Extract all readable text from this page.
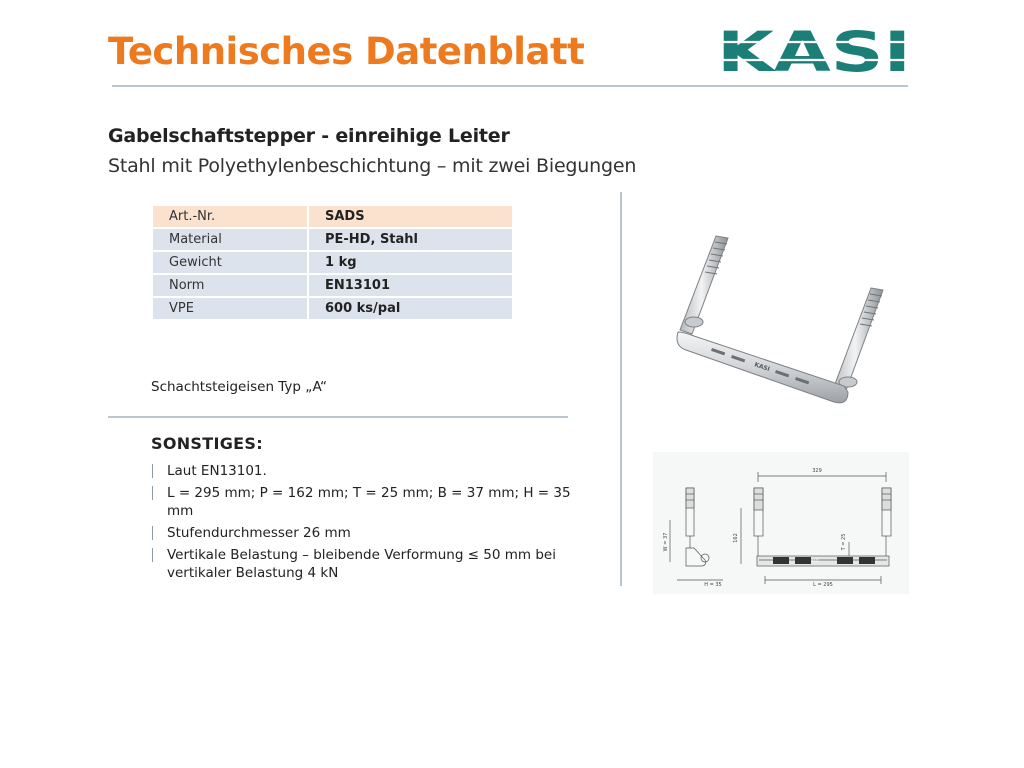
Technisches Datenblatt KASI
Gabelschaftstepper - einreihige Leiter
Stahl mit Polyethylenbeschichtung – mit zwei Biegungen
Art.-Nr.	SADS
Material	PE-HD, Stahl
Gewicht	1 kg
Norm	EN13101
VPE	600 ks/pal
Schachtsteigeisen Typ „A“
SONSTIGES:
Laut EN13101.
L = 295 mm; P = 162 mm; T = 25 mm; B = 37 mm; H = 35 mm
Stufendurchmesser 26 mm
Vertikale Belastung – bleibende Verformung ≤ 50 mm bei vertikaler Belastung 4 kN
KASI
329
162
W = 37	T = 25
H = 35	L = 295
KASI
